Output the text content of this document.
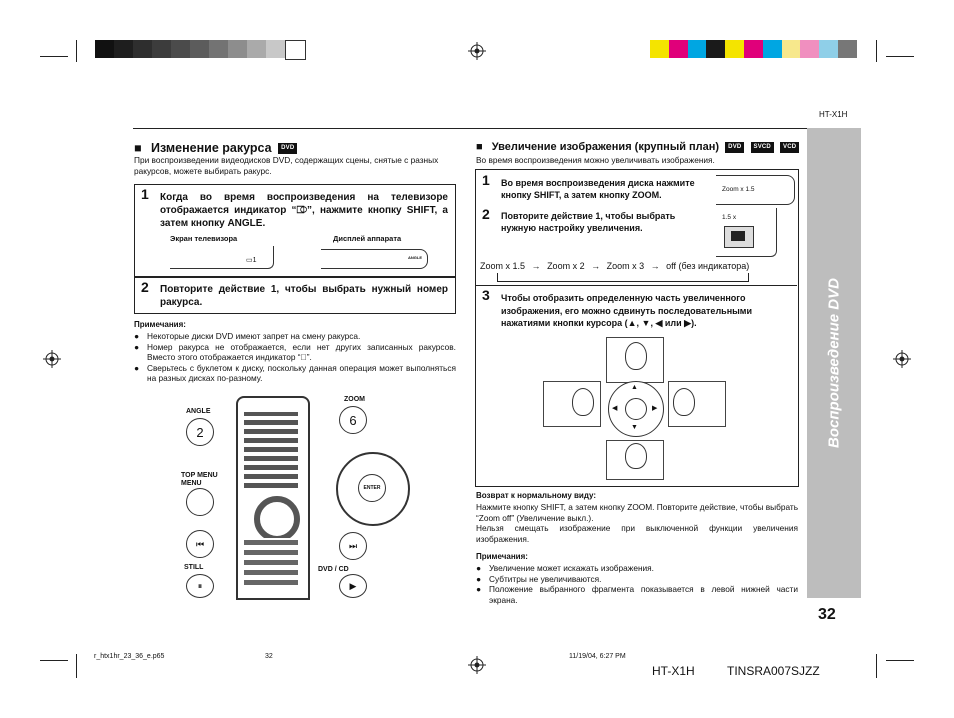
HT-X1H
Воспроизведение DVD
32
■ Изменение ракурса DVD
При воспроизведении видеодисков DVD, содержащих сцены, снятые с разных ракурсов, можете выбирать ракурс.
1 Когда во время воспроизведения на телевизоре отображается индикатор “⎄”, нажмите кнопку SHIFT, а затем кнопку ANGLE.
Экран телевизора	Дисплей аппарата
▭1	ANGLE
2 Повторите действие 1, чтобы выбрать нужный номер ракурса.
Примечания:
● Некоторые диски DVD имеют запрет на смену ракурса.
● Номер ракурса не отображается, если нет других записанных ракурсов. Вместо этого отображается индикатор “⃠”.
● Сверьтесь с буклетом к диску, поскольку данная операция может выполняться на разных дисках по-разному.
ANGLE
2
ZOOM
6
TOP MENU
MENU
⏮
STILL
⏸
ENTER
⏭
DVD / CD
▶
■ Увеличение изображения (крупный план) DVD SVCD VCD
Во время воспроизведения можно увеличивать изображения.
1 Во время воспроизведения диска нажмите кнопку SHIFT, а затем кнопку ZOOM.
Zoom x 1.5
2 Повторите действие 1, чтобы выбрать нужную настройку увеличения.
1.5 x
Zoom x 1.5 → Zoom x 2 → Zoom x 3 → off (без индикатора)
3 Чтобы отобразить определенную часть увеличенного изображения, его можно сдвинуть последовательными нажатиями кнопки курсора (▲, ▼, ◀ или ▶).
▲
▼
◀	▶
Возврат к нормальному виду:
Нажмите кнопку SHIFT, а затем кнопку ZOOM. Повторите действие, чтобы выбрать “Zoom off” (Увеличение выкл.).
Нельзя смещать изображение при выключенной функции увеличения изображения.
Примечания:
● Увеличение может искажать изображения.
● Субтитры не увеличиваются.
● Положение выбранного фрагмента показывается в левой нижней части экрана.
r_htx1hr_23_36_e.p65	32	11/19/04, 6:27 PM
HT-X1H	TINSRA007SJZZ
